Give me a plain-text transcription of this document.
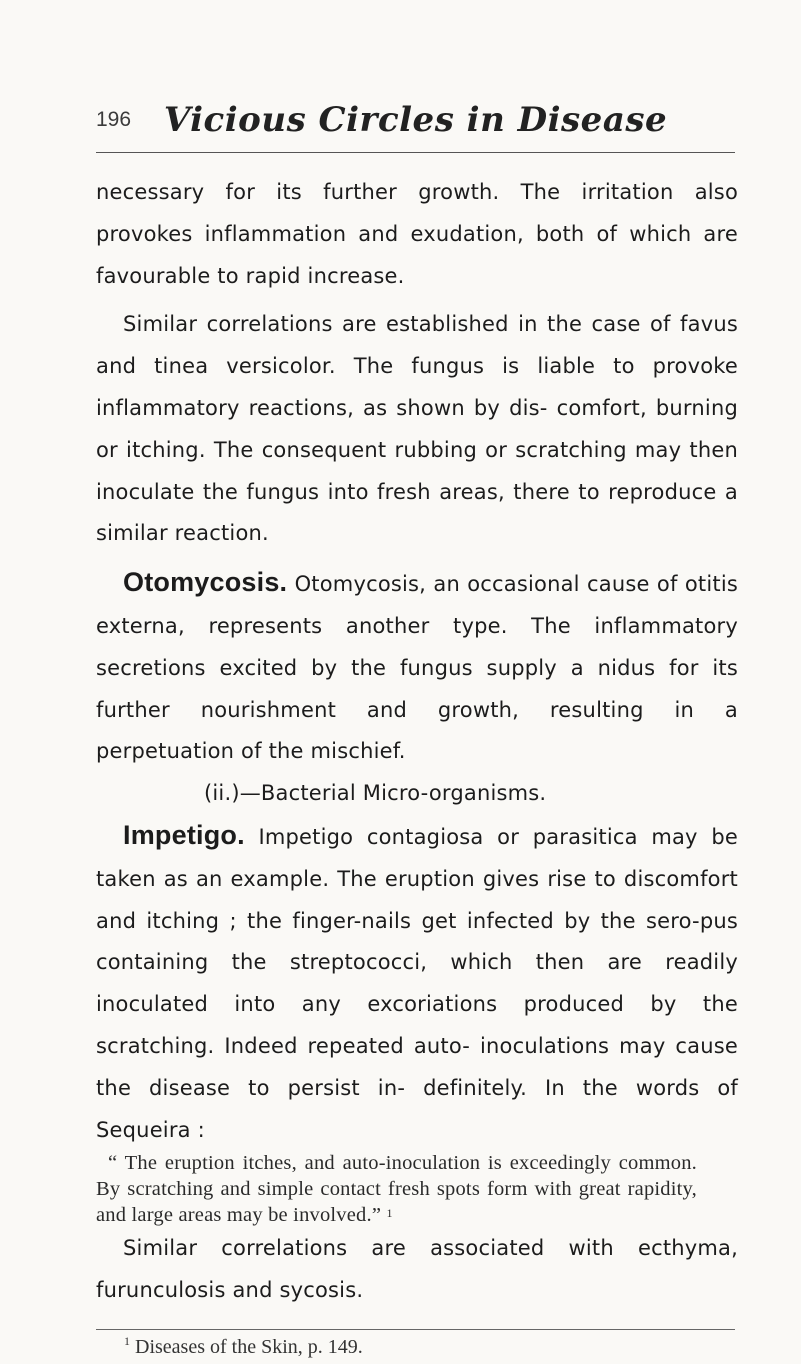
196 Vicious Circles in Disease

necessary for its further growth. The irritation also provokes inflammation and exudation, both of which are favourable to rapid increase.

Similar correlations are established in the case of favus and tinea versicolor. The fungus is liable to provoke inflammatory reactions, as shown by dis- comfort, burning or itching. The consequent rubbing or scratching may then inoculate the fungus into fresh areas, there to reproduce a similar reaction.

Otomycosis. Otomycosis, an occasional cause of otitis externa, represents another type. The inflammatory secretions excited by the fungus supply a nidus for its further nourishment and growth, resulting in a perpetuation of the mischief.

(ii.)—Bacterial Micro-organisms.

Impetigo. Impetigo contagiosa or parasitica may be taken as an example. The eruption gives rise to discomfort and itching ; the finger-nails get infected by the sero-pus containing the streptococci, which then are readily inoculated into any excoriations produced by the scratching. Indeed repeated auto- inoculations may cause the disease to persist in- definitely. In the words of Sequeira :

“ The eruption itches, and auto-inoculation is exceedingly common. By scratching and simple contact fresh spots form with great rapidity, and large areas may be involved.” $^1$

Similar correlations are associated with ecthyma, furunculosis and sycosis.

$^1$ Diseases of the Skin, p. 149.
